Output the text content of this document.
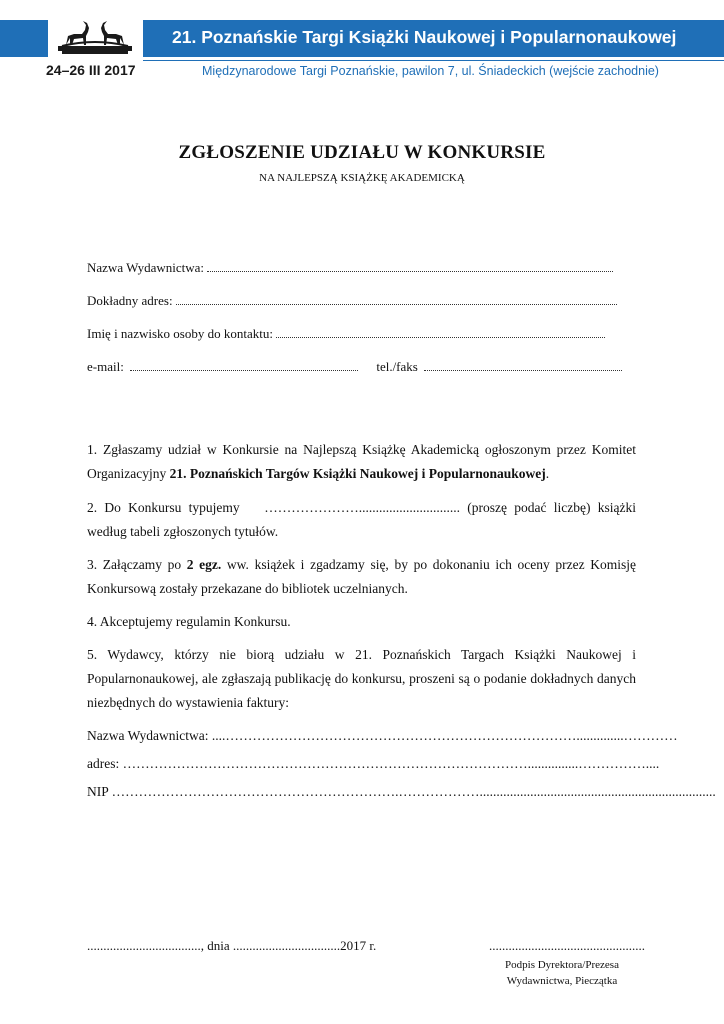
21. Poznańskie Targi Książki Naukowej i Popularnonaukowej
24–26 III 2017	Międzynarodowe Targi Poznańskie, pawilon 7, ul. Śniadeckich (wejście zachodnie)
ZGŁOSZENIE UDZIAŁU W KONKURSIE
NA NAJLEPSZĄ KSIĄŻKĘ AKADEMICKĄ
Nazwa Wydawnictwa:
Dokładny adres:
Imię i nazwisko osoby do kontaktu:
e-mail:	tel./faks
1. Zgłaszamy udział w Konkursie na Najlepszą Książkę Akademicką ogłoszonym przez Komitet Organizacyjny 21. Poznańskich Targów Książki Naukowej i Popularnonaukowej.
2. Do Konkursu typujemy ………………….............................. (proszę podać liczbę) książki według tabeli zgłoszonych tytułów.
3. Załączamy po 2 egz. ww. książek i zgadzamy się, by po dokonaniu ich oceny przez Komisję Konkursową zostały przekazane do bibliotek uczelnianych.
4. Akceptujemy regulamin Konkursu.
5. Wydawcy, którzy nie biorą udziału w 21. Poznańskich Targach Książki Naukowej i Popularnonaukowej, ale zgłaszają publikację do konkursu, proszeni są o podanie dokładnych danych niezbędnych do wystawienia faktury:
Nazwa Wydawnictwa: ....……………………………………………………………………..............…………
adres: ………………………………………………………………………………...............……………....
NIP ……………………………………………………….………………......................................................................
..................................., dnia .................................2017 r.	................................................
Podpis Dyrektora/Prezesa
Wydawnictwa, Pieczątka
